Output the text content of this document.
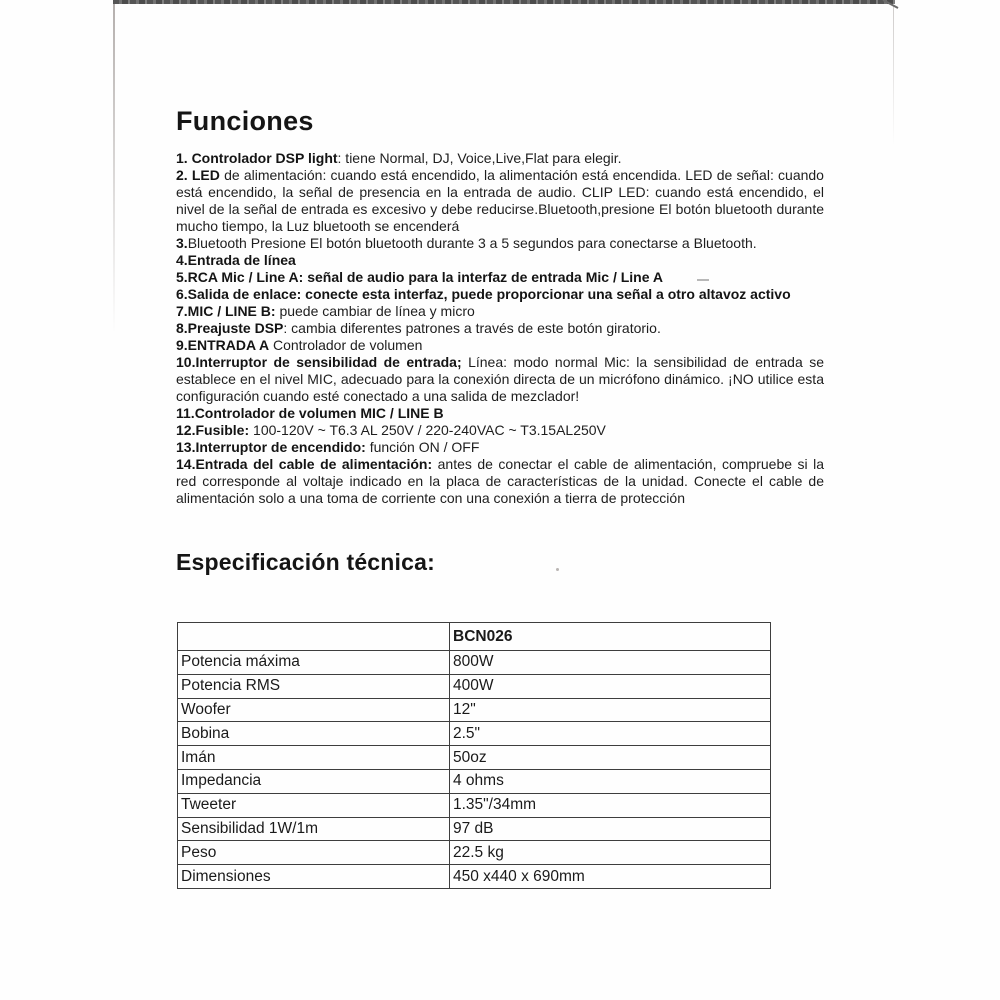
Funciones
1. Controlador DSP light: tiene Normal, DJ, Voice,Live,Flat para elegir.
2. LED de alimentación: cuando está encendido, la alimentación está encendida. LED de señal: cuando está encendido, la señal de presencia en la entrada de audio. CLIP LED: cuando está encendido, el nivel de la señal de entrada es excesivo y debe reducirse.Bluetooth,presione El botón bluetooth durante mucho tiempo, la Luz bluetooth se encenderá
3.Bluetooth Presione El botón bluetooth durante 3 a 5 segundos para conectarse a Bluetooth.
4.Entrada de línea
5.RCA Mic / Line A: señal de audio para la interfaz de entrada Mic / Line A
6.Salida de enlace: conecte esta interfaz, puede proporcionar una señal a otro altavoz activo
7.MIC / LINE B: puede cambiar de línea y micro
8.Preajuste DSP: cambia diferentes patrones a través de este botón giratorio.
9.ENTRADA A Controlador de volumen
10.Interruptor de sensibilidad de entrada; Línea: modo normal Mic: la sensibilidad de entrada se establece en el nivel MIC, adecuado para la conexión directa de un micrófono dinámico. ¡NO utilice esta configuración cuando esté conectado a una salida de mezclador!
11.Controlador de volumen MIC / LINE B
12.Fusible: 100-120V ~ T6.3 AL 250V / 220-240VAC ~ T3.15AL250V
13.Interruptor de encendido: función ON / OFF
14.Entrada del cable de alimentación: antes de conectar el cable de alimentación, compruebe si la red corresponde al voltaje indicado en la placa de características de la unidad. Conecte el cable de alimentación solo a una toma de corriente con una conexión a tierra de protección
Especificación técnica:
	BCN026
Potencia máxima	800W
Potencia RMS	400W
Woofer	12"
Bobina	2.5"
Imán	50oz
Impedancia	4 ohms
Tweeter	1.35"/34mm
Sensibilidad 1W/1m	97 dB
Peso	22.5 kg
Dimensiones	450 x440 x 690mm
